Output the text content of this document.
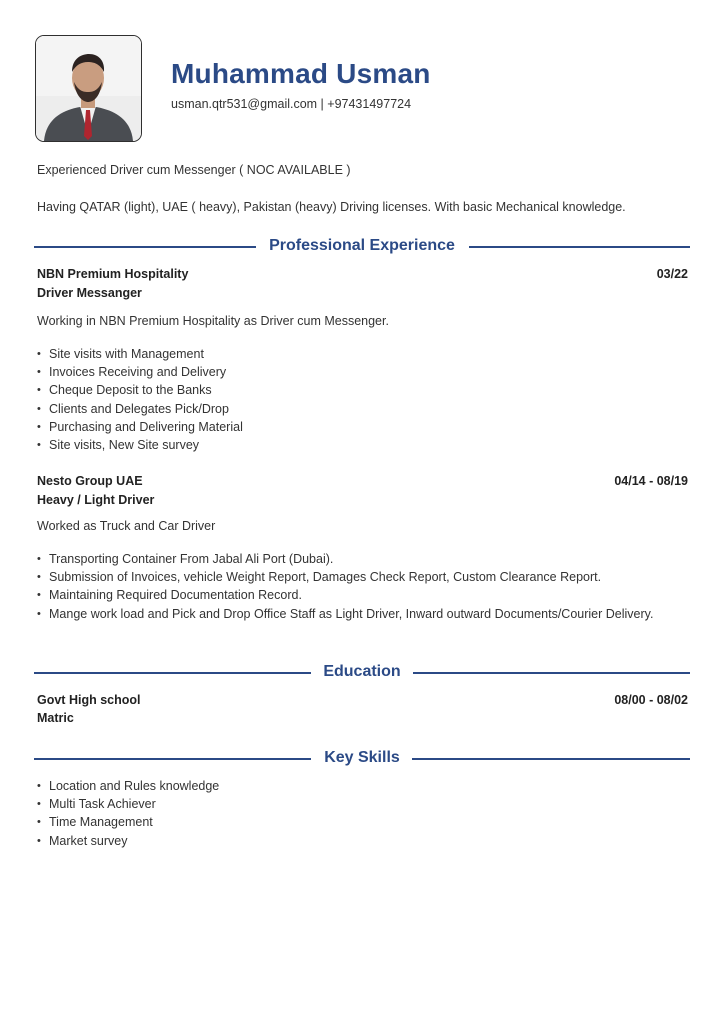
Muhammad Usman
usman.qtr531@gmail.com | +97431497724
Experienced Driver cum Messenger ( NOC AVAILABLE )
Having QATAR (light), UAE ( heavy), Pakistan (heavy) Driving licenses. With basic Mechanical knowledge.
Professional Experience
NBN Premium Hospitality	03/22
Driver Messanger
Working in NBN Premium Hospitality as Driver cum Messenger.
• Site visits with Management
• Invoices Receiving and Delivery
• Cheque Deposit to the Banks
• Clients and Delegates Pick/Drop
• Purchasing and Delivering Material
• Site visits, New Site survey
Nesto Group UAE	04/14 - 08/19
Heavy / Light Driver
Worked as Truck and Car Driver
• Transporting Container From Jabal Ali Port (Dubai).
• Submission of Invoices, vehicle Weight Report, Damages Check Report, Custom Clearance Report.
• Maintaining Required Documentation Record.
• Mange work load and Pick and Drop Office Staff as Light Driver, Inward outward Documents/Courier Delivery.
Education
Govt High school	08/00 - 08/02
Matric
Key Skills
• Location and Rules knowledge
• Multi Task Achiever
• Time Management
• Market survey
